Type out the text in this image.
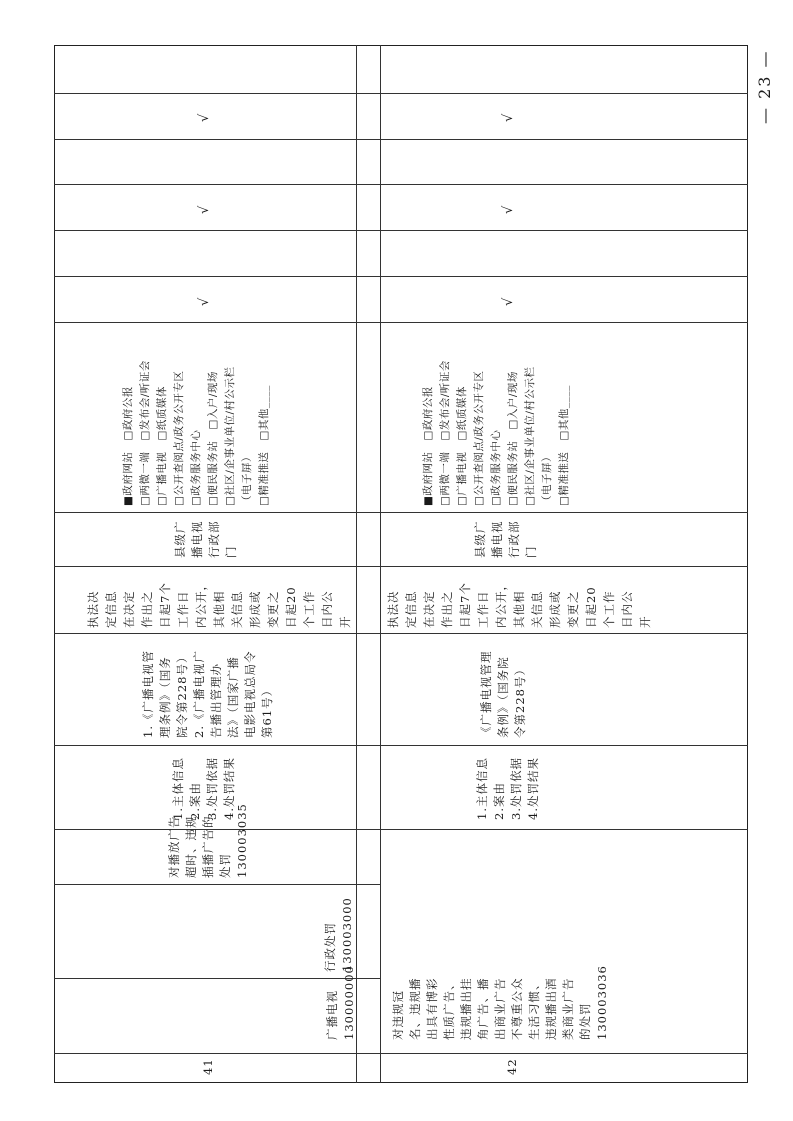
41
广播电视
130000000
行政处罚
130003000
对播放广告
超时、违规
插播广告的
处罚
130003035
1.主体信息
2.案由
3.处罚依据
4.处罚结果
1.《广播电视管
理条例》（国务
院令第228号）
2.《广播电视广
告播出管理办
法》（国家广播
电影电视总局令
第61号）
执法决
定信息
在决定
作出之
日起7个
工作日
内公开，
其他相
关信息
形成或
变更之
日起20
个工作
日内公
开
县级广
播电视
行政部
门
■政府网站　□政府公报
□两微一端　□发布会/听证会
□广播电视　□纸质媒体
□公开查阅点/政务公开专区
□政务服务中心
□便民服务站　□入户/现场
□社区/企事业单位/村公示栏
（电子屏）
□精准推送　□其他____
√
√
√
42
对违规冠
名、违规播
出具有博彩
性质广告、
违规播出挂
角广告、播
出商业广告
不尊重公众
生活习惯、
违规播出酒
类商业广告
的处罚
130003036
1.主体信息
2.案由
3.处罚依据
4.处罚结果
《广播电视管理
条例》（国务院
令第228号）
执法决
定信息
在决定
作出之
日起7个
工作日
内公开，
其他相
关信息
形成或
变更之
日起20
个工作
日内公
开
县级广
播电视
行政部
门
■政府网站　□政府公报
□两微一端　□发布会/听证会
□广播电视　□纸质媒体
□公开查阅点/政务公开专区
□政务服务中心
□便民服务站　□入户/现场
□社区/企事业单位/村公示栏
（电子屏）
□精准推送　□其他____
√
√
√	— 23 —
